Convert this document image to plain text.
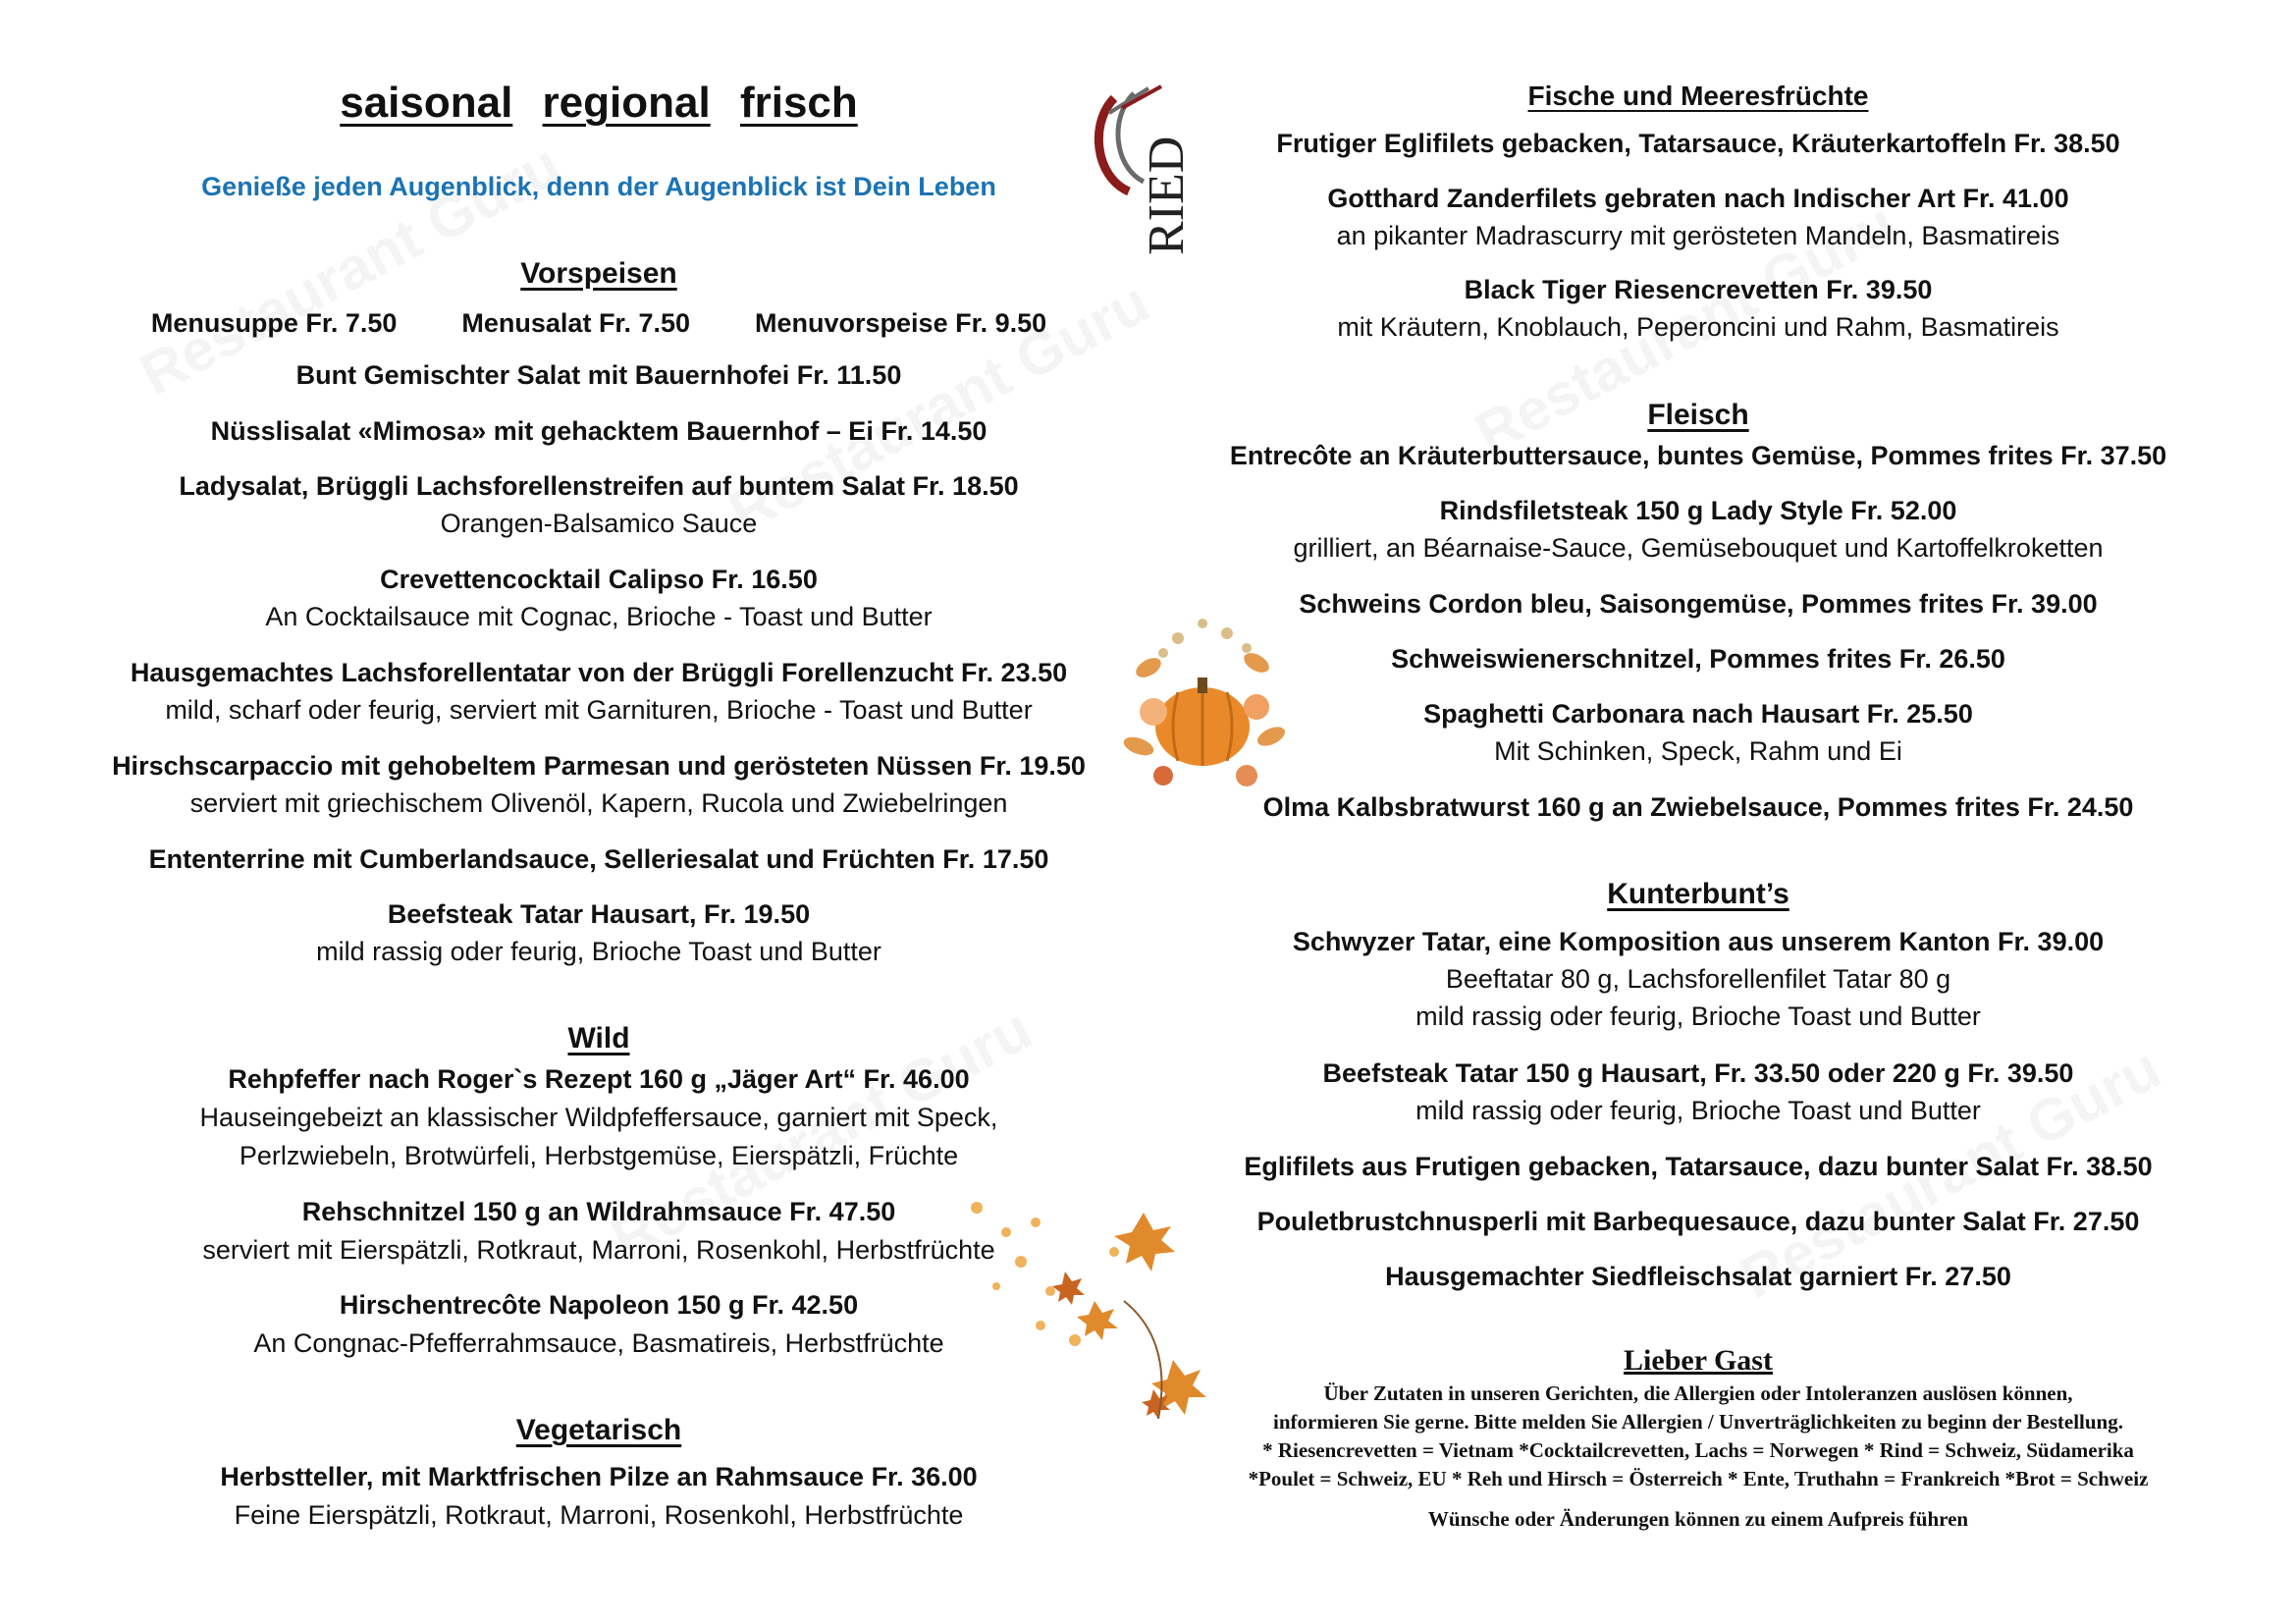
saisonal regional frisch
Genieße jeden Augenblick, denn der Augenblick ist Dein Leben
Vorspeisen
Menusuppe Fr. 7.50 Menusalat Fr. 7.50 Menuvorspeise Fr. 9.50
Bunt Gemischter Salat mit Bauernhofei Fr. 11.50
Nüsslisalat «Mimosa» mit gehacktem Bauernhof – Ei Fr. 14.50
Ladysalat, Brüggli Lachsforellenstreifen auf buntem Salat Fr. 18.50
Orangen-Balsamico Sauce
Crevettencocktail Calipso Fr. 16.50
An Cocktailsauce mit Cognac, Brioche - Toast und Butter
Hausgemachtes Lachsforellentatar von der Brüggli Forellenzucht Fr. 23.50
mild, scharf oder feurig, serviert mit Garnituren, Brioche - Toast und Butter
Hirschscarpaccio mit gehobeltem Parmesan und gerösteten Nüssen Fr. 19.50
serviert mit griechischem Olivenöl, Kapern, Rucola und Zwiebelringen
Ententerrine mit Cumberlandsauce, Selleriesalat und Früchten Fr. 17.50
Beefsteak Tatar Hausart, Fr. 19.50
mild rassig oder feurig, Brioche Toast und Butter
Wild
Rehpfeffer nach Roger`s Rezept 160 g „Jäger Art“ Fr. 46.00
Hauseingebeizt an klassischer Wildpfeffersauce, garniert mit Speck,
Perlzwiebeln, Brotwürfeli, Herbstgemüse, Eierspätzli, Früchte
Rehschnitzel 150 g an Wildrahmsauce Fr. 47.50
serviert mit Eierspätzli, Rotkraut, Marroni, Rosenkohl, Herbstfrüchte
Hirschentrecôte Napoleon 150 g Fr. 42.50
An Congnac-Pfefferrahmsauce, Basmatireis, Herbstfrüchte
Vegetarisch
Herbstteller, mit Marktfrischen Pilze an Rahmsauce Fr. 36.00
Feine Eierspätzli, Rotkraut, Marroni, Rosenkohl, Herbstfrüchte
RIED
Fische und Meeresfrüchte
Frutiger Eglifilets gebacken, Tatarsauce, Kräuterkartoffeln Fr. 38.50
Gotthard Zanderfilets gebraten nach Indischer Art Fr. 41.00
an pikanter Madrascurry mit gerösteten Mandeln, Basmatireis
Black Tiger Riesencrevetten Fr. 39.50
mit Kräutern, Knoblauch, Peperoncini und Rahm, Basmatireis
Fleisch
Entrecôte an Kräuterbuttersauce, buntes Gemüse, Pommes frites Fr. 37.50
Rindsfiletsteak 150 g Lady Style Fr. 52.00
grilliert, an Béarnaise-Sauce, Gemüsebouquet und Kartoffelkroketten
Schweins Cordon bleu, Saisongemüse, Pommes frites Fr. 39.00
Schweiswienerschnitzel, Pommes frites Fr. 26.50
Spaghetti Carbonara nach Hausart Fr. 25.50
Mit Schinken, Speck, Rahm und Ei
Olma Kalbsbratwurst 160 g an Zwiebelsauce, Pommes frites Fr. 24.50
Kunterbunt’s
Schwyzer Tatar, eine Komposition aus unserem Kanton Fr. 39.00
Beeftatar 80 g, Lachsforellenfilet Tatar 80 g
mild rassig oder feurig, Brioche Toast und Butter
Beefsteak Tatar 150 g Hausart, Fr. 33.50 oder 220 g Fr. 39.50
mild rassig oder feurig, Brioche Toast und Butter
Eglifilets aus Frutigen gebacken, Tatarsauce, dazu bunter Salat Fr. 38.50
Pouletbrustchnusperli mit Barbequesauce, dazu bunter Salat Fr. 27.50
Hausgemachter Siedfleischsalat garniert Fr. 27.50
Lieber Gast
Über Zutaten in unseren Gerichten, die Allergien oder Intoleranzen auslösen können,
informieren Sie gerne. Bitte melden Sie Allergien / Unverträglichkeiten zu beginn der Bestellung.
* Riesencrevetten = Vietnam *Cocktailcrevetten, Lachs = Norwegen * Rind = Schweiz, Südamerika
*Poulet = Schweiz, EU * Reh und Hirsch = Österreich * Ente, Truthahn = Frankreich *Brot = Schweiz
Wünsche oder Änderungen können zu einem Aufpreis führen
